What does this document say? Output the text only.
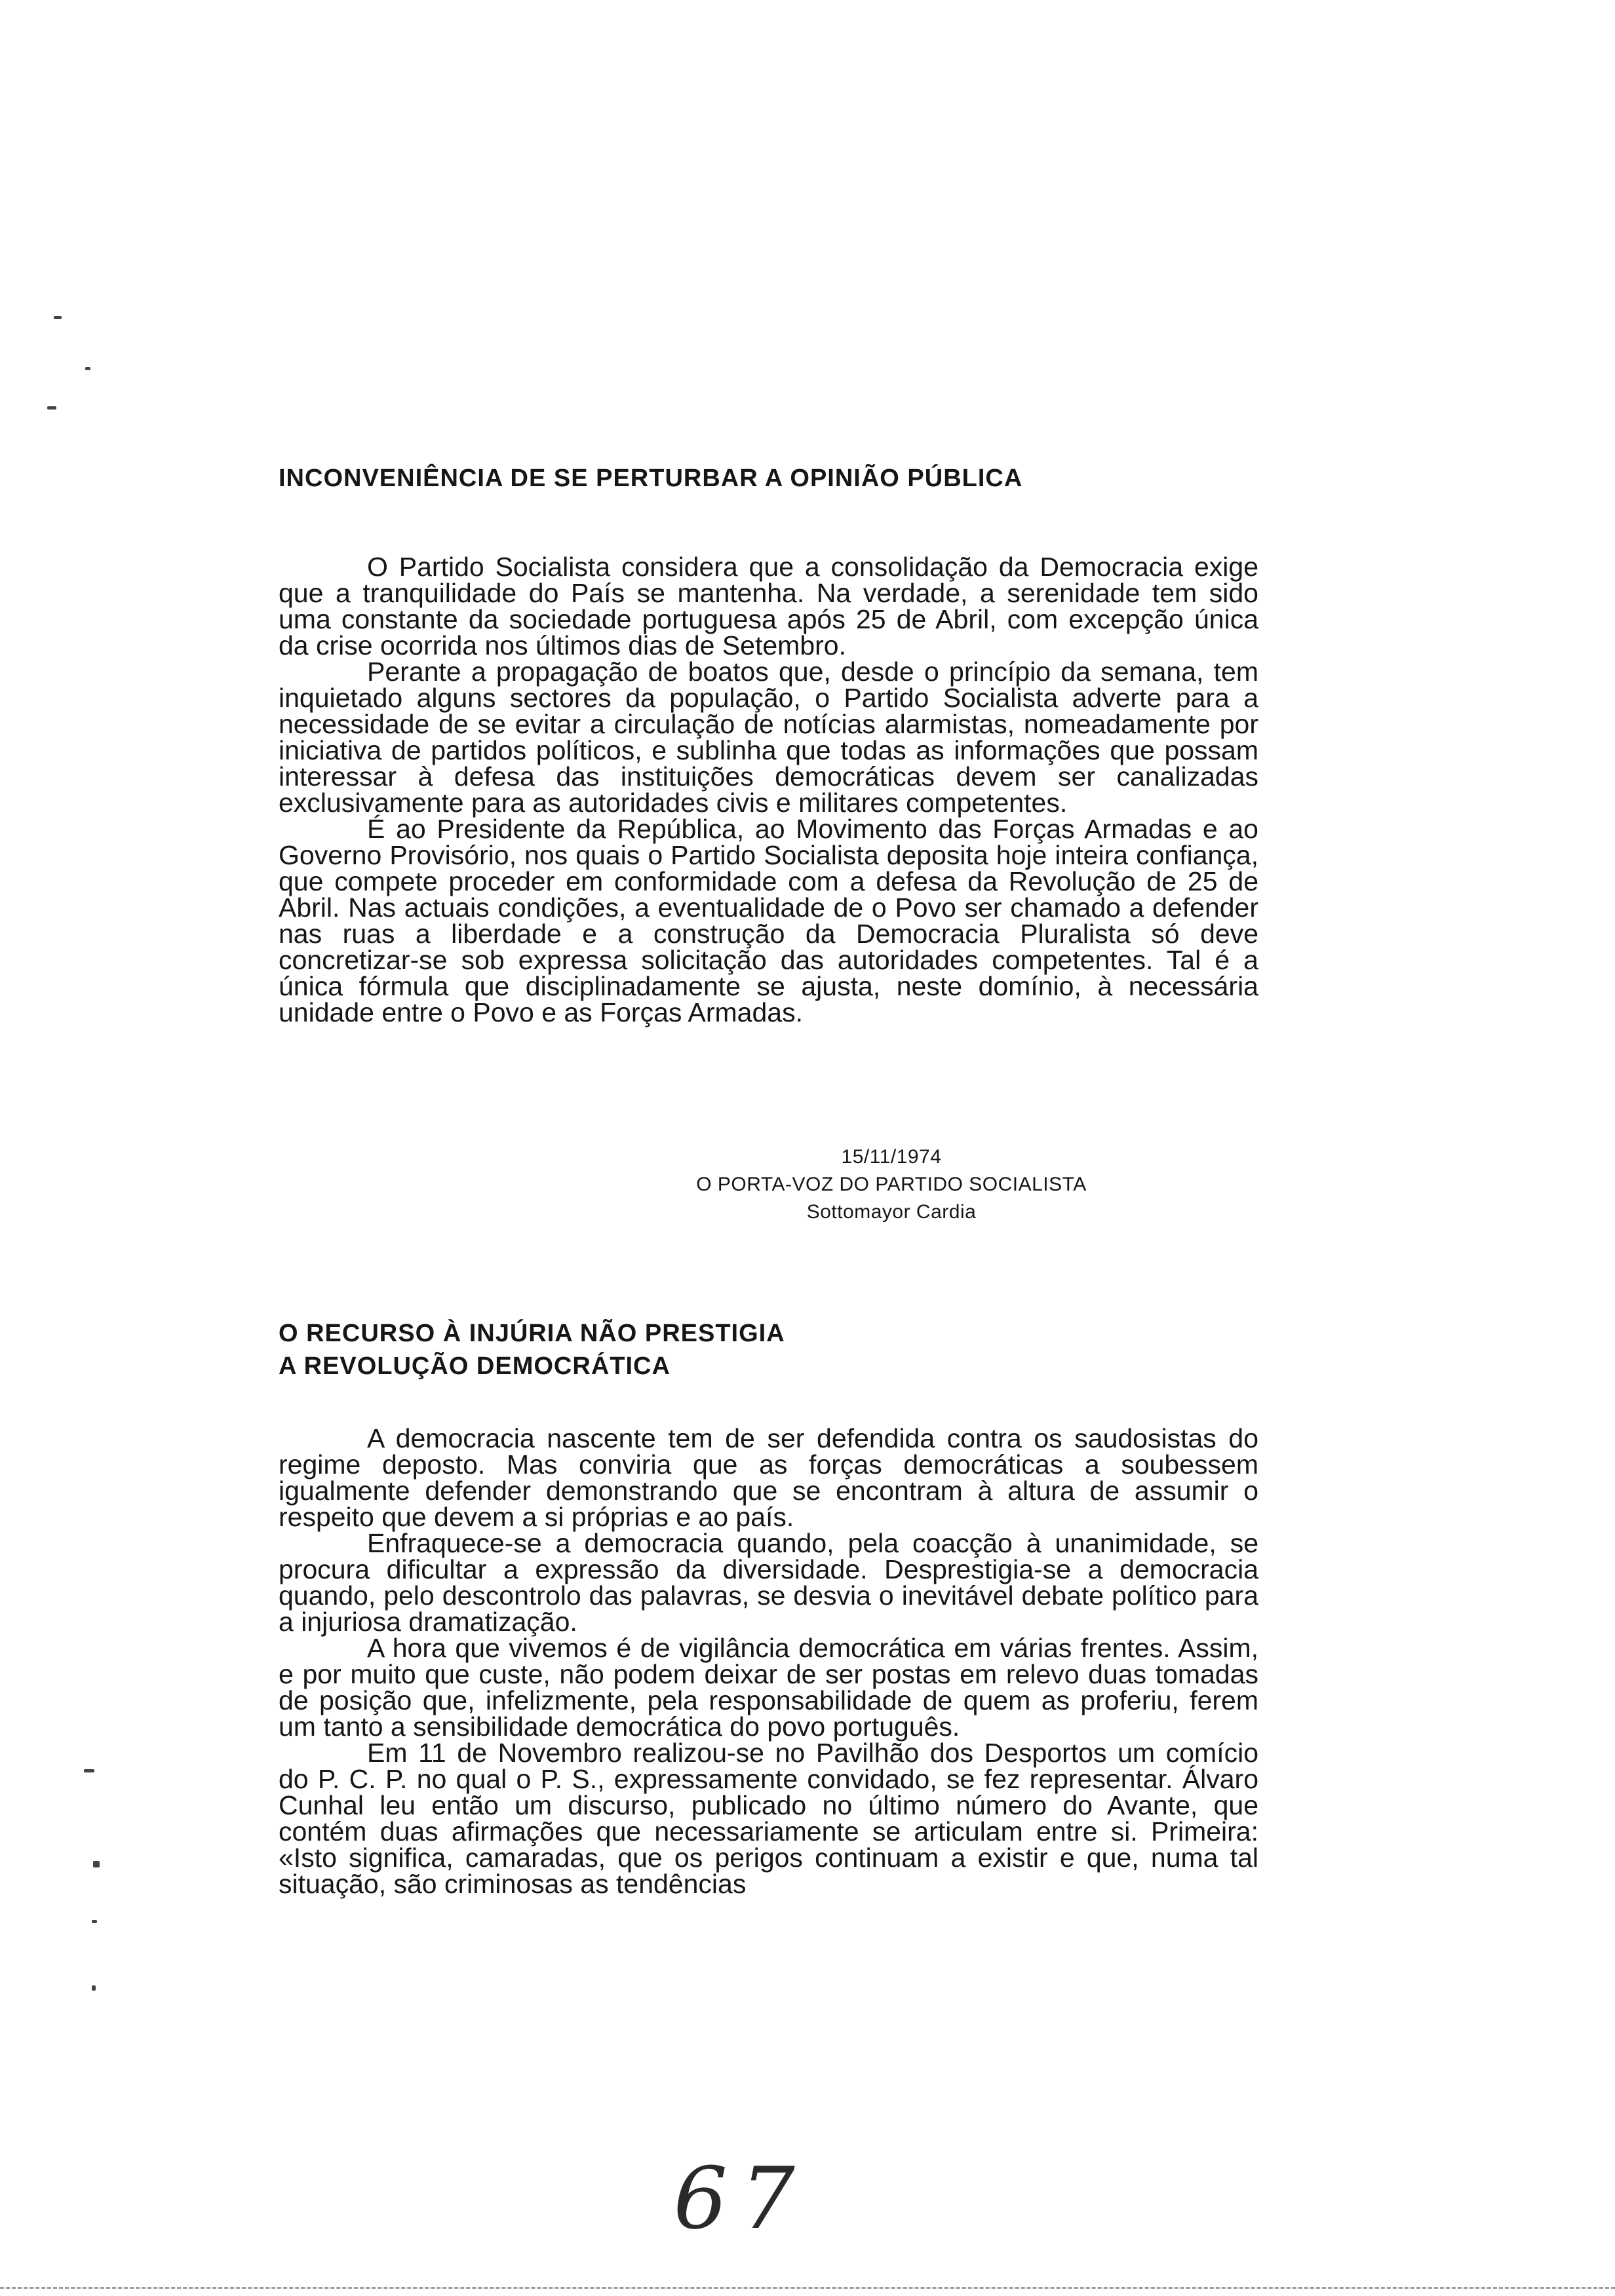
INCONVENIÊNCIA DE SE PERTURBAR A OPINIÃO PÚBLICA

O Partido Socialista considera que a consolidação da Democracia exige que a tranquilidade do País se mantenha. Na verdade, a serenidade tem sido uma constante da sociedade portuguesa após 25 de Abril, com excepção única da crise ocorrida nos últimos dias de Setembro.

Perante a propagação de boatos que, desde o princípio da semana, tem inquietado alguns sectores da população, o Partido Socialista adverte para a necessidade de se evitar a circulação de notícias alarmistas, nomeadamente por iniciativa de partidos políticos, e sublinha que todas as informações que possam interessar à defesa das instituições democráticas devem ser canalizadas exclusivamente para as autoridades civis e militares competentes.

É ao Presidente da República, ao Movimento das Forças Armadas e ao Governo Provisório, nos quais o Partido Socialista deposita hoje inteira confiança, que compete proceder em conformidade com a defesa da Revolução de 25 de Abril. Nas actuais condições, a eventualidade de o Povo ser chamado a defender nas ruas a liberdade e a construção da Democracia Pluralista só deve concretizar-se sob expressa solicitação das autoridades competentes. Tal é a única fórmula que disciplinadamente se ajusta, neste domínio, à necessária unidade entre o Povo e as Forças Armadas.

15/11/1974
O PORTA-VOZ DO PARTIDO SOCIALISTA
Sottomayor Cardia
O RECURSO À INJÚRIA NÃO PRESTIGIA
A REVOLUÇÃO DEMOCRÁTICA

A democracia nascente tem de ser defendida contra os saudosistas do regime deposto. Mas conviria que as forças democráticas a soubessem igualmente defender demonstrando que se encontram à altura de assumir o respeito que devem a si próprias e ao país.

Enfraquece-se a democracia quando, pela coacção à unanimidade, se procura dificultar a expressão da diversidade. Desprestigia-se a democracia quando, pelo descontrolo das palavras, se desvia o inevitável debate político para a injuriosa dramatização.

A hora que vivemos é de vigilância democrática em várias frentes. Assim, e por muito que custe, não podem deixar de ser postas em relevo duas tomadas de posição que, infelizmente, pela responsabilidade de quem as proferiu, ferem um tanto a sensibilidade democrática do povo português.

Em 11 de Novembro realizou-se no Pavilhão dos Desportos um comício do P. C. P. no qual o P. S., expressamente convidado, se fez representar. Álvaro Cunhal leu então um discurso, publicado no último número do Avante, que contém duas afirmações que necessariamente se articulam entre si. Primeira: «Isto significa, camaradas, que os perigos continuam a existir e que, numa tal situação, são criminosas as tendências

67
